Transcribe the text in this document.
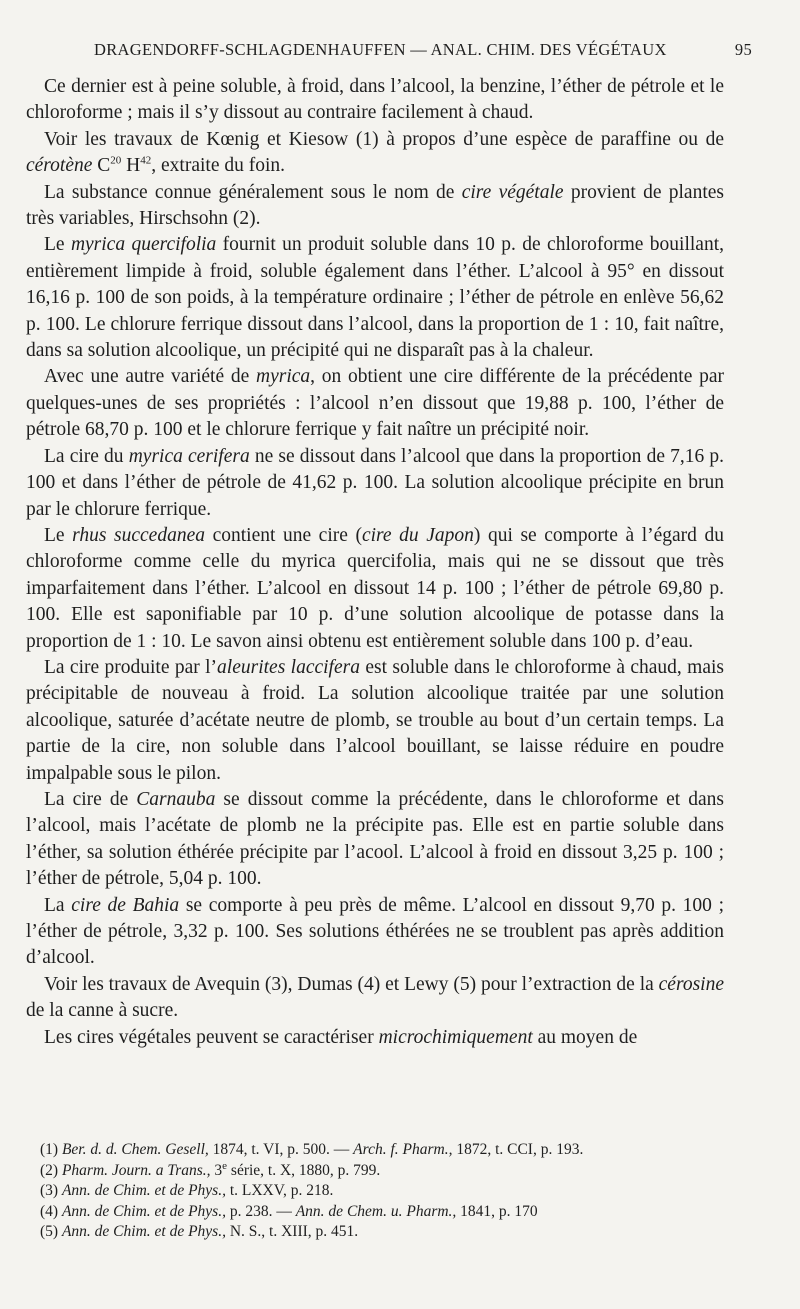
DRAGENDORFF-SCHLAGDENHAUFFEN — ANAL. CHIM. DES VÉGÉTAUX	95

Ce dernier est à peine soluble, à froid, dans l’alcool, la benzine, l’éther de pétrole et le chloroforme ; mais il s’y dissout au contraire facilement à chaud.

Voir les travaux de Kœnig et Kiesow (1) à propos d’une espèce de paraffine ou de cérotène $C^{20}$ $H^{42}$, extraite du foin.

La substance connue généralement sous le nom de cire végétale provient de plantes très variables, Hirschsohn (2).

Le myrica quercifolia fournit un produit soluble dans 10 p. de chloroforme bouillant, entièrement limpide à froid, soluble également dans l’éther. L’alcool à 95° en dissout 16,16 p. 100 de son poids, à la température ordinaire ; l’éther de pétrole en enlève 56,62 p. 100. Le chlorure ferrique dissout dans l’alcool, dans la proportion de 1 : 10, fait naître, dans sa solution alcoolique, un précipité qui ne disparaît pas à la chaleur.

Avec une autre variété de myrica, on obtient une cire différente de la précédente par quelques-unes de ses propriétés : l’alcool n’en dissout que 19,88 p. 100, l’éther de pétrole 68,70 p. 100 et le chlorure ferrique y fait naître un précipité noir.

La cire du myrica cerifera ne se dissout dans l’alcool que dans la proportion de 7,16 p. 100 et dans l’éther de pétrole de 41,62 p. 100. La solution alcoolique précipite en brun par le chlorure ferrique.

Le rhus succedanea contient une cire (cire du Japon) qui se comporte à l’égard du chloroforme comme celle du myrica quercifolia, mais qui ne se dissout que très imparfaitement dans l’éther. L’alcool en dissout 14 p. 100 ; l’éther de pétrole 69,80 p. 100. Elle est saponifiable par 10 p. d’une solution alcoolique de potasse dans la proportion de 1 : 10. Le savon ainsi obtenu est entièrement soluble dans 100 p. d’eau.

La cire produite par l’aleurites laccifera est soluble dans le chloroforme à chaud, mais précipitable de nouveau à froid. La solution alcoolique traitée par une solution alcoolique, saturée d’acétate neutre de plomb, se trouble au bout d’un certain temps. La partie de la cire, non soluble dans l’alcool bouillant, se laisse réduire en poudre impalpable sous le pilon.

La cire de Carnauba se dissout comme la précédente, dans le chloroforme et dans l’alcool, mais l’acétate de plomb ne la précipite pas. Elle est en partie soluble dans l’éther, sa solution éthérée précipite par l’acool. L’alcool à froid en dissout 3,25 p. 100 ; l’éther de pétrole, 5,04 p. 100.

La cire de Bahia se comporte à peu près de même. L’alcool en dissout 9,70 p. 100 ; l’éther de pétrole, 3,32 p. 100. Ses solutions éthérées ne se troublent pas après addition d’alcool.

Voir les travaux de Avequin (3), Dumas (4) et Lewy (5) pour l’extraction de la cérosine de la canne à sucre.

Les cires végétales peuvent se caractériser microchimiquement au moyen de

(1) Ber. d. d. Chem. Gesell, 1874, t. VI, p. 500. — Arch. f. Pharm., 1872, t. CCI, p. 193.

(2) Pharm. Journ. a Trans., 3e série, t. X, 1880, p. 799.

(3) Ann. de Chim. et de Phys., t. LXXV, p. 218.

(4) Ann. de Chim. et de Phys., p. 238. — Ann. de Chem. u. Pharm., 1841, p. 170

(5) Ann. de Chim. et de Phys., N. S., t. XIII, p. 451.
